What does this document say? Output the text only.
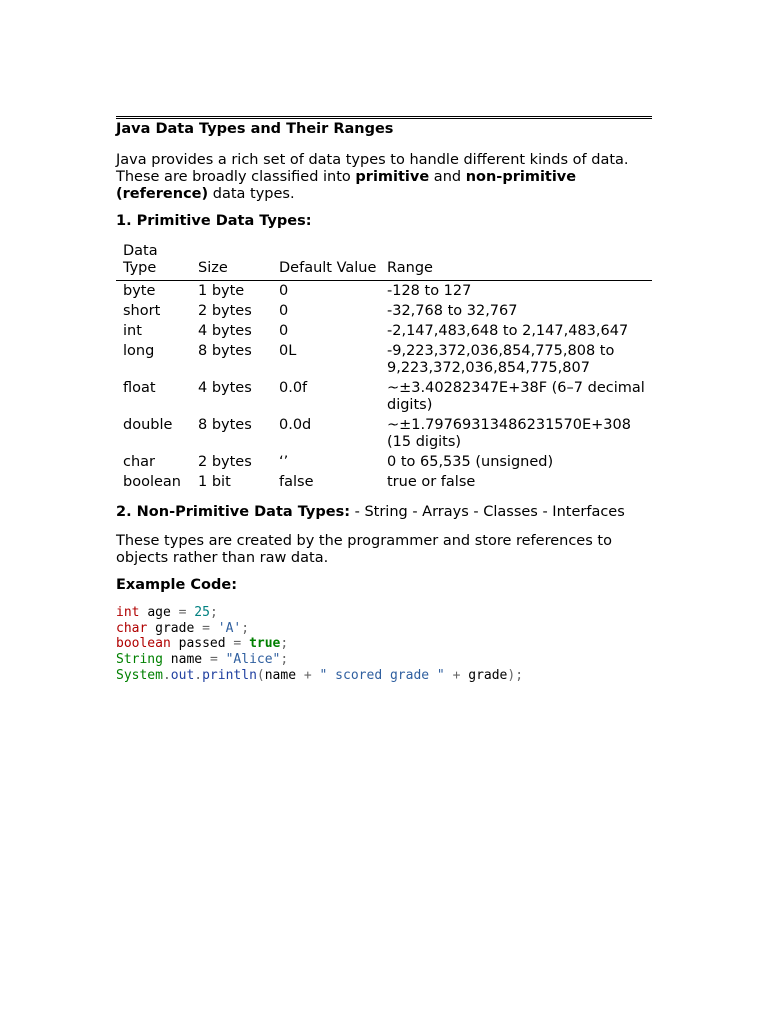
Java Data Types and Their Ranges

Java provides a rich set of data types to handle different kinds of data. These are broadly classified into primitive and non-primitive (reference) data types.

1. Primitive Data Types:

Data Type	Size	Default Value	Range
byte	1 byte	0	-128 to 127
short	2 bytes	0	-32,768 to 32,767
int	4 bytes	0	-2,147,483,648 to 2,147,483,647
long	8 bytes	0L	-9,223,372,036,854,775,808 to 9,223,372,036,854,775,807
float	4 bytes	0.0f	~±3.40282347E+38F (6–7 decimal digits)
double	8 bytes	0.0d	~±1.79769313486231570E+308 (15 digits)
char	2 bytes	‘’	0 to 65,535 (unsigned)
boolean	1 bit	false	true or false

2. Non-Primitive Data Types: - String - Arrays - Classes - Interfaces

These types are created by the programmer and store references to objects rather than raw data.

Example Code:

int age = 25;
char grade = 'A';
boolean passed = true;
String name = "Alice";
System.out.println(name + " scored grade " + grade);
